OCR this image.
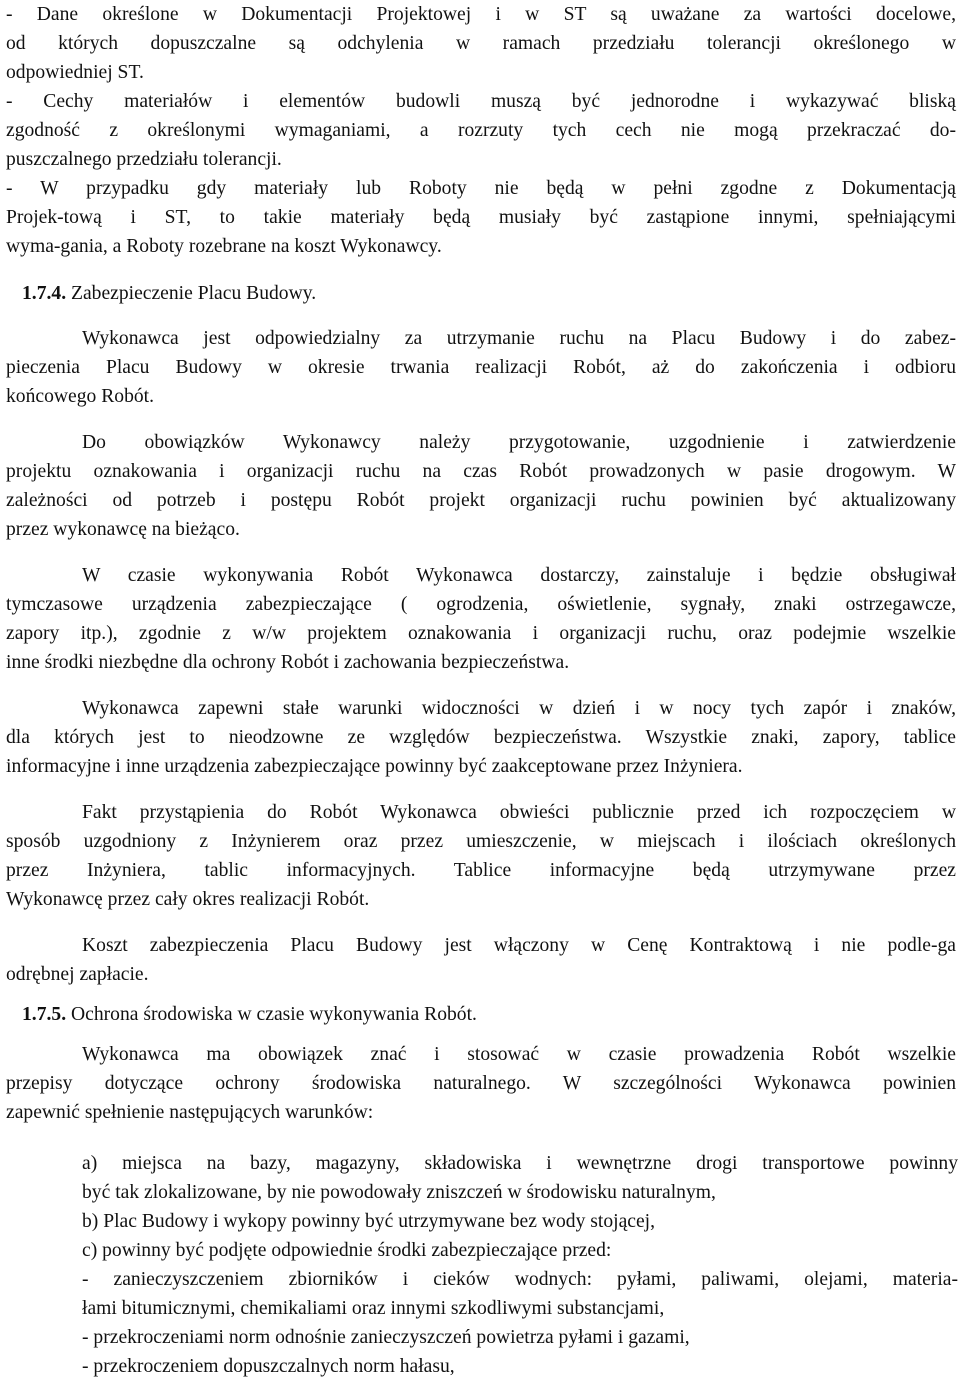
- Dane określone w Dokumentacji Projektowej i w ST są uważane za wartości docelowe,
od których dopuszczalne są odchylenia w ramach przedziału tolerancji określonego w
odpowiedniej ST.
- Cechy materiałów i elementów budowli muszą być jednorodne i wykazywać bliską
zgodność z określonymi wymaganiami, a rozrzuty tych cech nie mogą przekraczać do-
puszczalnego przedziału tolerancji.
- W przypadku gdy materiały lub Roboty nie będą w pełni zgodne z Dokumentacją
Projek-tową i ST, to takie materiały będą musiały być zastąpione innymi, spełniającymi
wyma-gania, a Roboty rozebrane na koszt Wykonawcy.
1.7.4. Zabezpieczenie Placu Budowy.
Wykonawca jest odpowiedzialny za utrzymanie ruchu na Placu Budowy i do zabez-
pieczenia Placu Budowy w okresie trwania realizacji Robót, aż do zakończenia i odbioru
końcowego Robót.
Do obowiązków Wykonawcy należy przygotowanie, uzgodnienie i zatwierdzenie
projektu oznakowania i organizacji ruchu na czas Robót prowadzonych w pasie drogowym. W
zależności od potrzeb i postępu Robót projekt organizacji ruchu powinien być aktualizowany
przez wykonawcę na bieżąco.
W czasie wykonywania Robót Wykonawca dostarczy, zainstaluje i będzie obsługiwał
tymczasowe urządzenia zabezpieczające ( ogrodzenia, oświetlenie, sygnały, znaki ostrzegawcze,
zapory itp.), zgodnie z w/w projektem oznakowania i organizacji ruchu, oraz podejmie wszelkie
inne środki niezbędne dla ochrony Robót i zachowania bezpieczeństwa.
Wykonawca zapewni stałe warunki widoczności w dzień i w nocy tych zapór i znaków,
dla których jest to nieodzowne ze względów bezpieczeństwa. Wszystkie znaki, zapory, tablice
informacyjne i inne urządzenia zabezpieczające powinny być zaakceptowane przez Inżyniera.
Fakt przystąpienia do Robót Wykonawca obwieści publicznie przed ich rozpoczęciem w
sposób uzgodniony z Inżynierem oraz przez umieszczenie, w miejscach i ilościach określonych
przez Inżyniera, tablic informacyjnych. Tablice informacyjne będą utrzymywane przez
Wykonawcę przez cały okres realizacji Robót.
Koszt zabezpieczenia Placu Budowy jest włączony w Cenę Kontraktową i nie podle-ga
odrębnej zapłacie.
1.7.5. Ochrona środowiska w czasie wykonywania Robót.
Wykonawca ma obowiązek znać i stosować w czasie prowadzenia Robót wszelkie
przepisy dotyczące ochrony środowiska naturalnego. W szczególności Wykonawca powinien
zapewnić spełnienie następujących warunków:
a) miejsca na bazy, magazyny, składowiska i wewnętrzne drogi transportowe powinny
być tak zlokalizowane, by nie powodowały zniszczeń w środowisku naturalnym,
b) Plac Budowy i wykopy powinny być utrzymywane bez wody stojącej,
c) powinny być podjęte odpowiednie środki zabezpieczające przed:
- zanieczyszczeniem zbiorników i cieków wodnych: pyłami, paliwami, olejami, materia-
łami bitumicznymi, chemikaliami oraz innymi szkodliwymi substancjami,
- przekroczeniami norm odnośnie zanieczyszczeń powietrza pyłami i gazami,
- przekroczeniem dopuszczalnych norm hałasu,
